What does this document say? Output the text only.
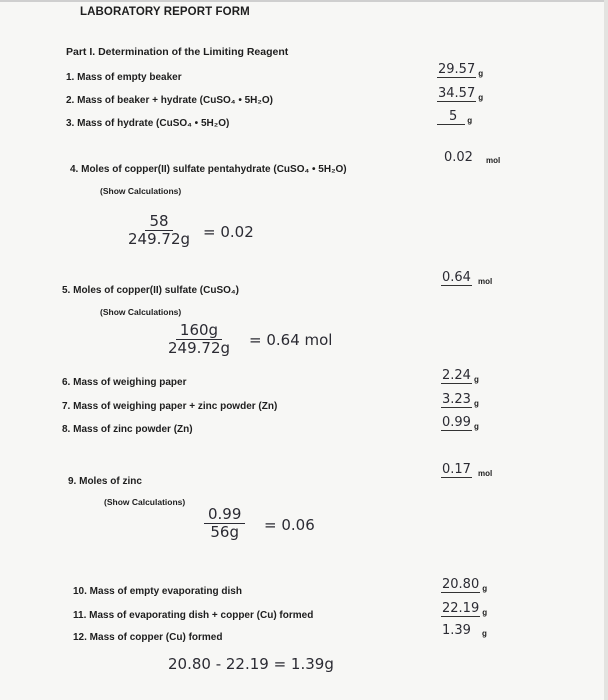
LABORATORY REPORT FORM
Part I. Determination of the Limiting Reagent
1. Mass of empty beaker
29.57 g
2. Mass of beaker + hydrate (CuSO₄ • 5H₂O)	34.57 g
3. Mass of hydrate (CuSO₄ • 5H₂O)	5	g
4. Moles of copper(II) sulfate pentahydrate (CuSO₄ • 5H₂O)
0.02 mol
(Show Calculations)
$\frac{58}{249.72g} = 0.02$
5. Moles of copper(II) sulfate (CuSO₄)
0.64 mol
(Show Calculations)
$\frac{160g}{249.72g} = 0.64$ mol
6. Mass of weighing paper	2.24 g
7. Mass of weighing paper + zinc powder (Zn)	3.23 g
8. Mass of zinc powder (Zn)	0.99 g
9. Moles of zinc
0.17 mol
(Show Calculations)
$\frac{0.99}{56g} = 0.06$
10. Mass of empty evaporating dish	20.80 g
11. Mass of evaporating dish + copper (Cu) formed	22.19 g
12. Mass of copper (Cu) formed	1.39 g
20.80 - 22.19 = 1.39g
